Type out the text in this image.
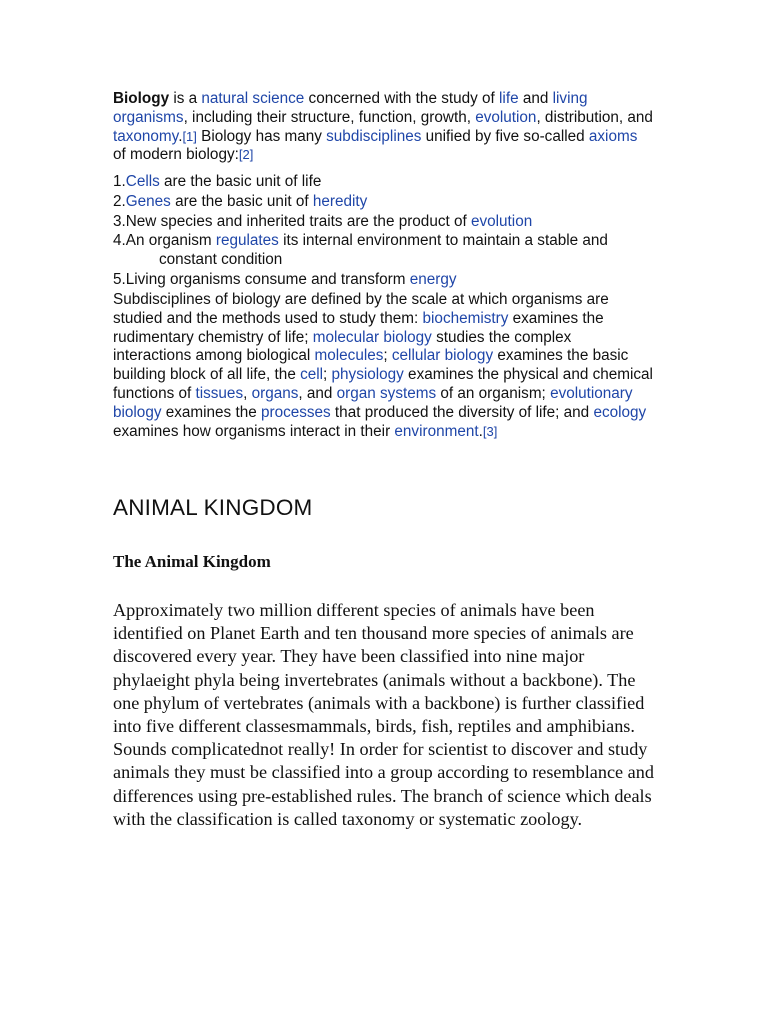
Biology is a natural science concerned with the study of life and living organisms, including their structure, function, growth, evolution, distribution, and taxonomy.[1] Biology has many subdisciplines unified by five so-called axioms of modern biology:[2]

1.Cells are the basic unit of life
2.Genes are the basic unit of heredity
3.New species and inherited traits are the product of evolution
4.An organism regulates its internal environment to maintain a stable and
constant condition
5.Living organisms consume and transform energy

Subdisciplines of biology are defined by the scale at which organisms are studied and the methods used to study them: biochemistry examines the rudimentary chemistry of life; molecular biology studies the complex interactions among biological molecules; cellular biology examines the basic building block of all life, the cell; physiology examines the physical and chemical functions of tissues, organs, and organ systems of an organism; evolutionary biology examines the processes that produced the diversity of life; and ecology examines how organisms interact in their environment.[3]

ANIMAL KINGDOM
The Animal Kingdom

Approximately two million different species of animals have been identified on Planet Earth and ten thousand more species of animals are discovered every year. They have been classified into nine major phylaeight phyla being invertebrates (animals without a backbone). The one phylum of vertebrates (animals with a backbone) is further classified into five different classesmammals, birds, fish, reptiles and amphibians.

Sounds complicatednot really! In order for scientist to discover and study animals they must be classified into a group according to resemblance and differences using pre-established rules. The branch of science which deals with the classification is called taxonomy or systematic zoology.
